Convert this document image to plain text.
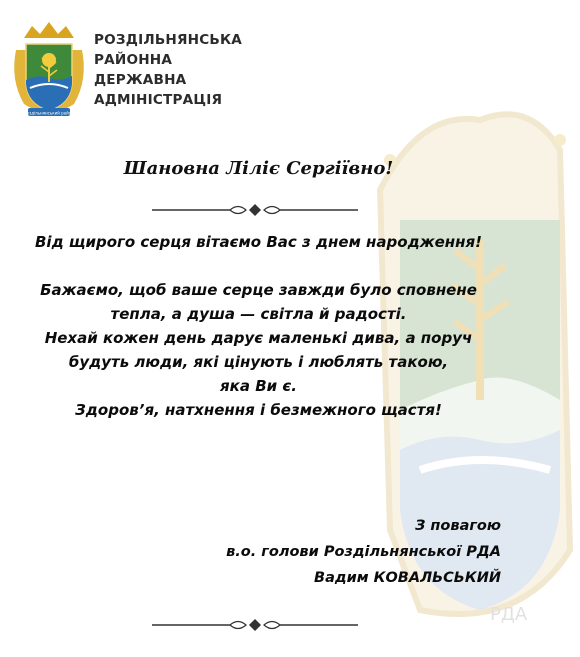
РДА
Роздільнянський район
РОЗДІЛЬНЯНСЬКА
РАЙОННА
ДЕРЖАВНА
АДМІНІСТРАЦІЯ
Шановна Ліліє Сергіївно!
Від щирого серця вітаємо Вас з днем народження!
Бажаємо, щоб ваше серце завжди було сповнене
тепла, а душа — світла й радості.
Нехай кожен день дарує маленькі дива, а поруч
будуть люди, які цінують і люблять такою,
яка Ви є.
Здоров’я, натхнення і безмежного щастя!
З повагою
в.о. голови Роздільнянської РДА
Вадим КОВАЛЬСЬКИЙ
